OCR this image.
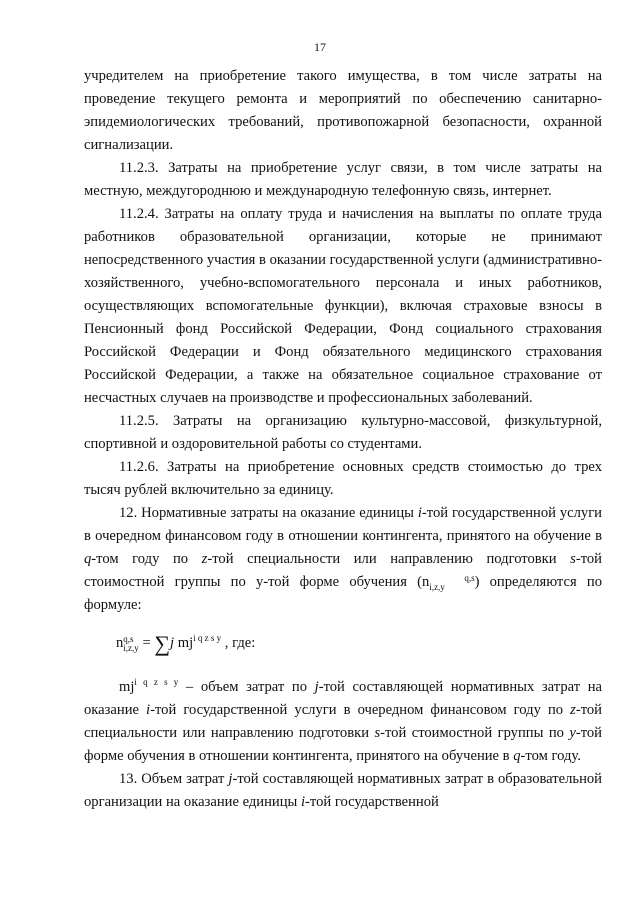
17

учредителем на приобретение такого имущества, в том числе затраты на проведение текущего ремонта и мероприятий по обеспечению санитарно-эпидемиологических требований, противопожарной безопасности, охранной сигнализации.

11.2.3. Затраты на приобретение услуг связи, в том числе затраты на местную, междугороднюю и международную телефонную связь, интернет.

11.2.4. Затраты на оплату труда и начисления на выплаты по оплате труда работников образовательной организации, которые не принимают непосредственного участия в оказании государственной услуги (административно-хозяйственного, учебно-вспомогательного персонала и иных работников, осуществляющих вспомогательные функции), включая страховые взносы в Пенсионный фонд Российской Федерации, Фонд социального страхования Российской Федерации и Фонд обязательного медицинского страхования Российской Федерации, а также на обязательное социальное страхование от несчастных случаев на производстве и профессиональных заболеваний.

11.2.5. Затраты на организацию культурно-массовой, физкультурной, спортивной и оздоровительной работы со студентами.

11.2.6. Затраты на приобретение основных средств стоимостью до трех тысяч рублей включительно за единицу.

12. Нормативные затраты на оказание единицы i-той государственной услуги в очередном финансовом году в отношении контингента, принятого на обучение в q-том году по z-той специальности или направлению подготовки s-той стоимостной группы по у-той форме обучения (n	q,s
i,z,y ) определяются по формуле:

nq,s
i,z,y = ∑j $mj^{i q z s y}$ , где:

$mj^{i q z s y}$ – объем затрат по j-той составляющей нормативных затрат на оказание i-той государственной услуги в очередном финансовом году по z-той специальности или направлению подготовки s-той стоимостной группы по y-той форме обучения в отношении контингента, принятого на обучение в q-том году.

13. Объем затрат j-той составляющей нормативных затрат в образовательной организации на оказание единицы i-той государственной
